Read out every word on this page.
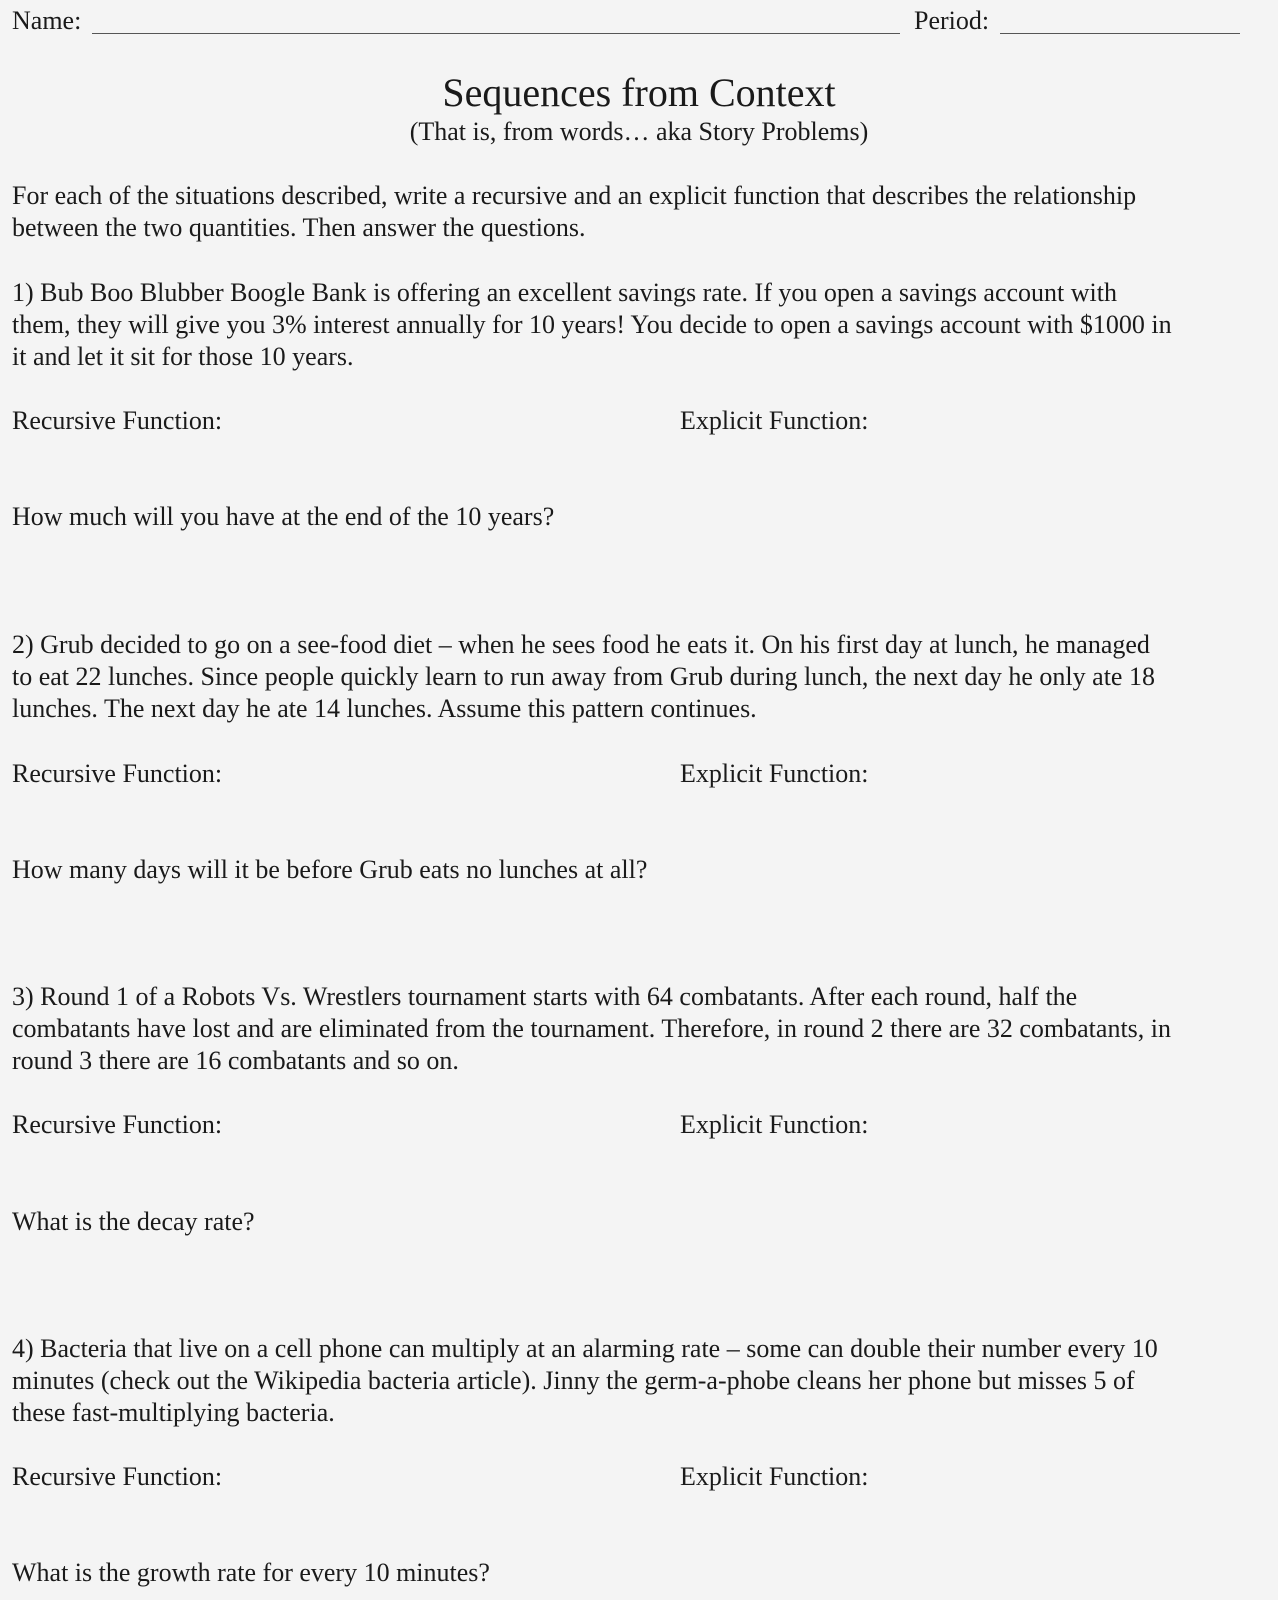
Name:	Period:
Sequences from Context
(That is, from words… aka Story Problems)
For each of the situations described, write a recursive and an explicit function that describes the relationship
between the two quantities. Then answer the questions.
1) Bub Boo Blubber Boogle Bank is offering an excellent savings rate. If you open a savings account with
them, they will give you 3% interest annually for 10 years! You decide to open a savings account with $1000 in
it and let it sit for those 10 years.
Recursive Function:	Explicit Function:
How much will you have at the end of the 10 years?
2) Grub decided to go on a see-food diet – when he sees food he eats it. On his first day at lunch, he managed
to eat 22 lunches. Since people quickly learn to run away from Grub during lunch, the next day he only ate 18
lunches. The next day he ate 14 lunches. Assume this pattern continues.
Recursive Function:	Explicit Function:
How many days will it be before Grub eats no lunches at all?
3) Round 1 of a Robots Vs. Wrestlers tournament starts with 64 combatants. After each round, half the
combatants have lost and are eliminated from the tournament. Therefore, in round 2 there are 32 combatants, in
round 3 there are 16 combatants and so on.
Recursive Function:	Explicit Function:
What is the decay rate?
4) Bacteria that live on a cell phone can multiply at an alarming rate – some can double their number every 10
minutes (check out the Wikipedia bacteria article). Jinny the germ-a-phobe cleans her phone but misses 5 of
these fast-multiplying bacteria.
Recursive Function:	Explicit Function:
What is the growth rate for every 10 minutes?
